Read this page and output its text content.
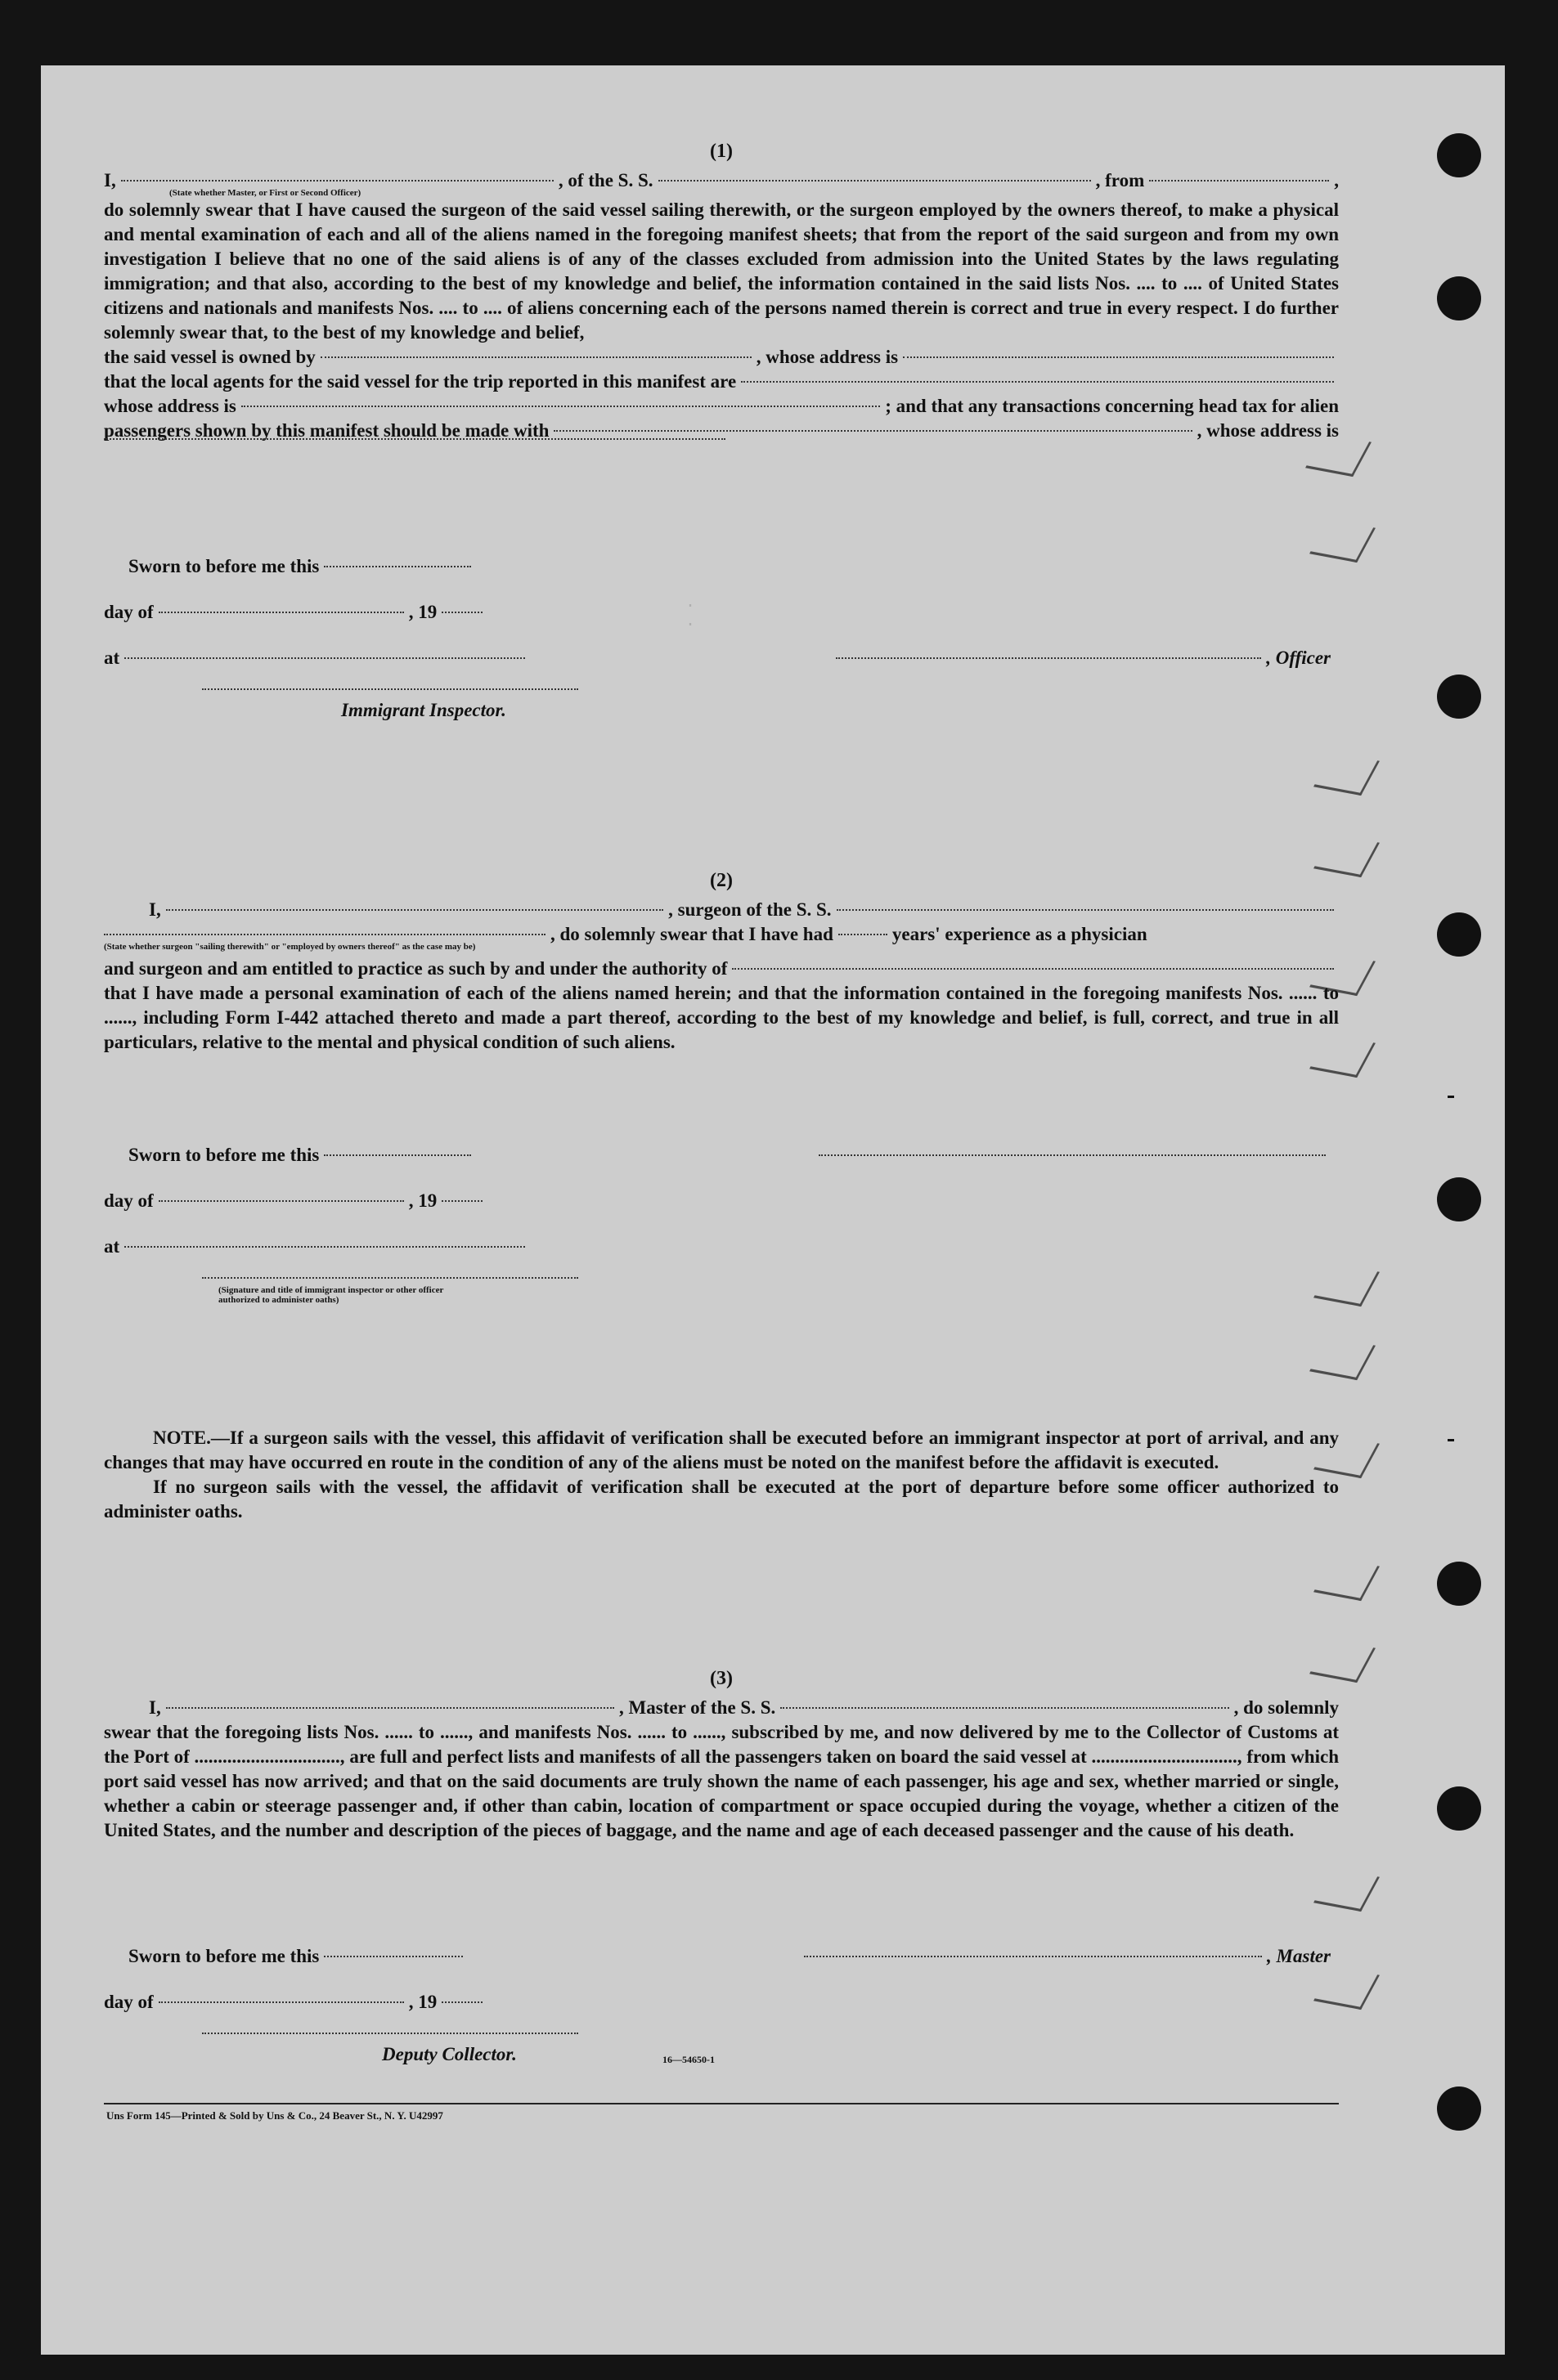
·
·
(1)
I,	, of the S. S.	, from	,
(State whether Master, or First or Second Officer)
do solemnly swear that I have caused the surgeon of the said vessel sailing therewith, or the surgeon employed by the owners thereof, to make a physical and mental examination of each and all of the aliens named in the foregoing manifest sheets; that from the report of the said surgeon and from my own investigation I believe that no one of the said aliens is of any of the classes excluded from admission into the United States by the laws regulating immigration; and that also, according to the best of my knowledge and belief, the information contained in the said lists Nos. .... to .... of United States citizens and nationals and manifests Nos. .... to .... of aliens concerning each of the persons named therein is correct and true in every respect. I do further solemnly swear that, to the best of my knowledge and belief,
the said vessel is owned by	, whose address is
that the local agents for the said vessel for the trip reported in this manifest are
whose address is	; and that any transactions concerning head tax for alien
passengers shown by this manifest should be made with	, whose address is
Sworn to before me this
day of	, 19
at	, Officer
Immigrant Inspector.
(2)
I,	, surgeon of the S. S.
, do solemnly swear that I have had	years' experience as a physician
(State whether surgeon "sailing therewith" or "employed by owners thereof" as the case may be)
and surgeon and am entitled to practice as such by and under the authority of
that I have made a personal examination of each of the aliens named herein; and that the information contained in the foregoing manifests Nos. ...... to ......, including Form I-442 attached thereto and made a part thereof, according to the best of my knowledge and belief, is full, correct, and true in all particulars, relative to the mental and physical condition of such aliens.
Sworn to before me this
day of	, 19
at
(Signature and title of immigrant inspector or other officer authorized to administer oaths)
NOTE.—If a surgeon sails with the vessel, this affidavit of verification shall be executed before an immigrant inspector at port of arrival, and any changes that may have occurred en route in the condition of any of the aliens must be noted on the manifest before the affidavit is executed.
If no surgeon sails with the vessel, the affidavit of verification shall be executed at the port of departure before some officer authorized to administer oaths.
(3)
I,	, Master of the S. S.	, do solemnly
swear that the foregoing lists Nos. ...... to ......, and manifests Nos. ...... to ......, subscribed by me, and now delivered by me to the Collector of Customs at the Port of ..............................., are full and perfect lists and manifests of all the passengers taken on board the said vessel at ..............................., from which port said vessel has now arrived; and that on the said documents are truly shown the name of each passenger, his age and sex, whether married or single, whether a cabin or steerage passenger and, if other than cabin, location of compartment or space occupied during the voyage, whether a citizen of the United States, and the number and description of the pieces of baggage, and the name and age of each deceased passenger and the cause of his death.
Sworn to before me this	, Master
day of	, 19
Deputy Collector.	16—54650-1
Uns Form 145—Printed & Sold by Uns & Co., 24 Beaver St., N. Y. U42997
